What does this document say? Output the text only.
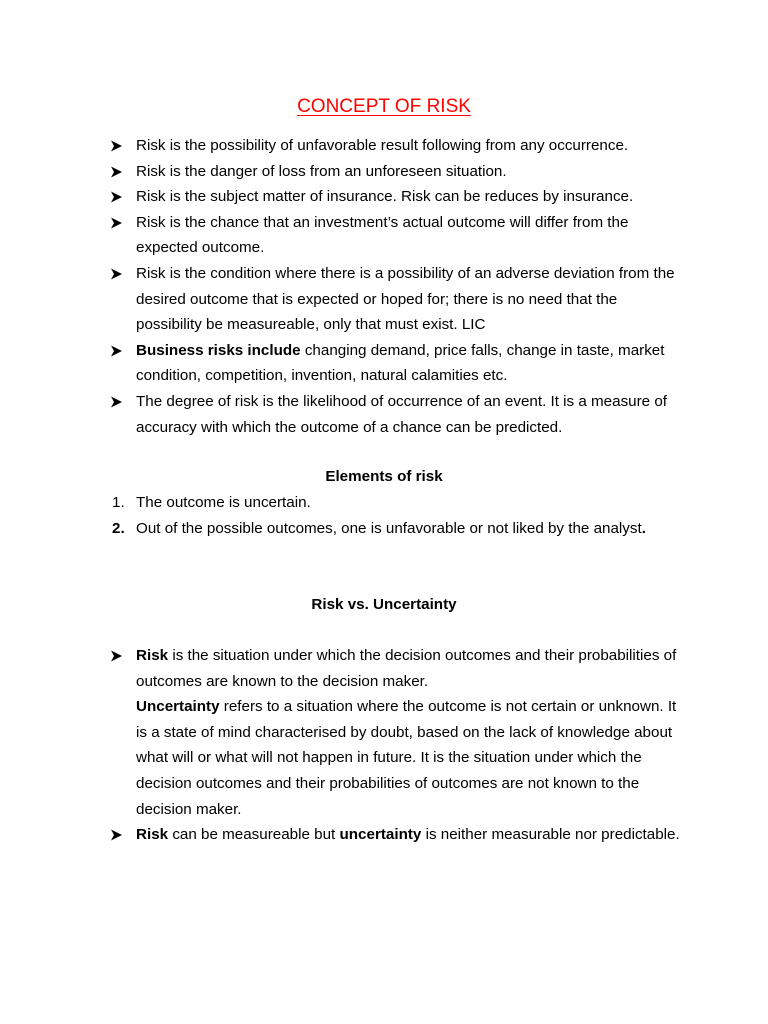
CONCEPT OF RISK
Risk is the possibility of unfavorable result following from any occurrence.
Risk is the danger of loss from an unforeseen situation.
Risk is the subject matter of insurance. Risk can be reduces by insurance.
Risk is the chance that an investment’s actual outcome will differ from the expected outcome.
Risk is the condition where there is a possibility of an adverse deviation from the desired outcome that is expected or hoped for; there is no need that the possibility be measureable, only that must exist. LIC
Business risks include changing demand, price falls, change in taste, market condition, competition, invention, natural calamities etc.
The degree of risk is the likelihood of occurrence of an event. It is a measure of accuracy with which the outcome of a chance can be predicted.
Elements of risk
1. The outcome is uncertain.
2. Out of the possible outcomes, one is unfavorable or not liked by the analyst.
Risk vs. Uncertainty
Risk is the situation under which the decision outcomes and their probabilities of outcomes are known to the decision maker.
Uncertainty refers to a situation where the outcome is not certain or unknown. It is a state of mind characterised by doubt, based on the lack of knowledge about what will or what will not happen in future. It is the situation under which the decision outcomes and their probabilities of outcomes are not known to the decision maker.
Risk can be measureable but uncertainty is neither measurable nor predictable.
